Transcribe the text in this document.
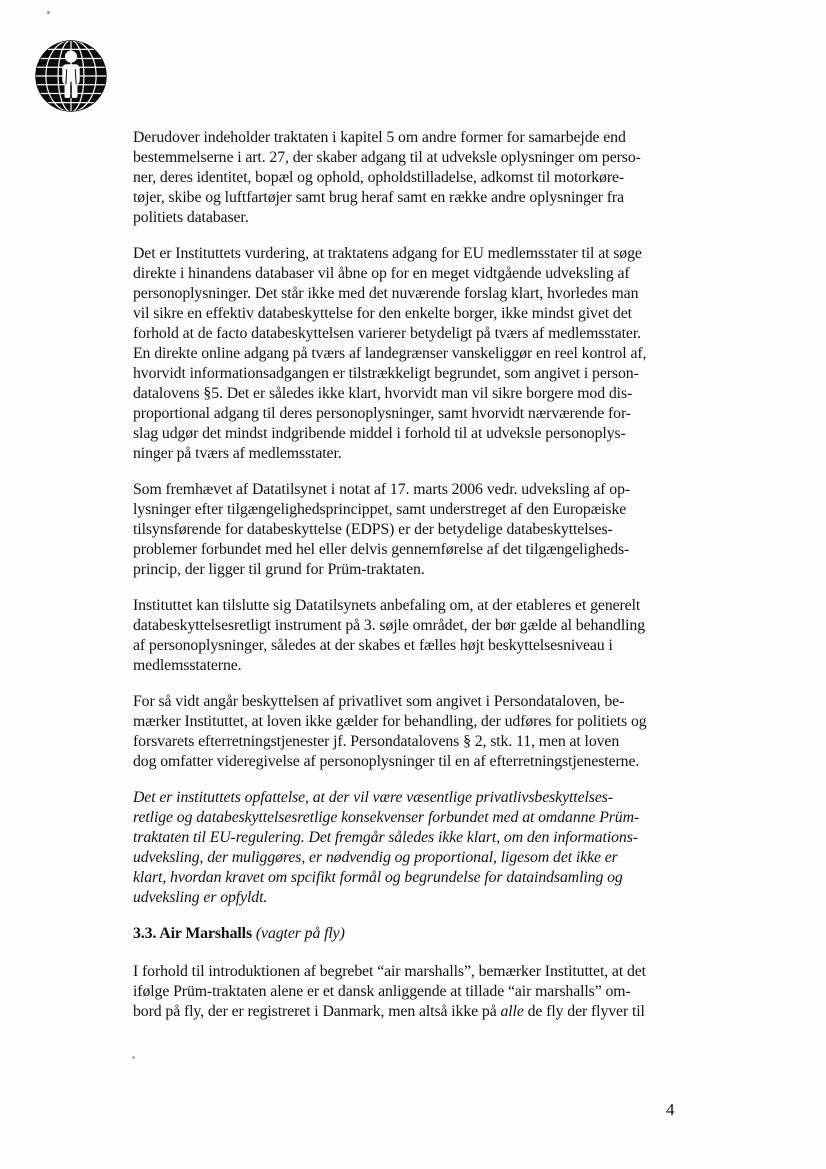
Derudover indeholder traktaten i kapitel 5 om andre former for samarbejde end
bestemmelserne i art. 27, der skaber adgang til at udveksle oplysninger om perso-
ner, deres identitet, bopæl og ophold, opholdstilladelse, adkomst til motorkøre-
tøjer, skibe og luftfartøjer samt brug heraf samt en række andre oplysninger fra
politiets databaser.
Det er Instituttets vurdering, at traktatens adgang for EU medlemsstater til at søge
direkte i hinandens databaser vil åbne op for en meget vidtgående udveksling af
personoplysninger. Det står ikke med det nuværende forslag klart, hvorledes man
vil sikre en effektiv databeskyttelse for den enkelte borger, ikke mindst givet det
forhold at de facto databeskyttelsen varierer betydeligt på tværs af medlemsstater.
En direkte online adgang på tværs af landegrænser vanskeliggør en reel kontrol af,
hvorvidt informationsadgangen er tilstrækkeligt begrundet, som angivet i person-
datalovens §5. Det er således ikke klart, hvorvidt man vil sikre borgere mod dis-
proportional adgang til deres personoplysninger, samt hvorvidt nærværende for-
slag udgør det mindst indgribende middel i forhold til at udveksle personoplys-
ninger på tværs af medlemsstater.
Som fremhævet af Datatilsynet i notat af 17. marts 2006 vedr. udveksling af op-
lysninger efter tilgængelighedsprincippet, samt understreget af den Europæiske
tilsynsførende for databeskyttelse (EDPS) er der betydelige databeskyttelses-
problemer forbundet med hel eller delvis gennemførelse af det tilgængeligheds-
princip, der ligger til grund for Prüm-traktaten.
Instituttet kan tilslutte sig Datatilsynets anbefaling om, at der etableres et generelt
databeskyttelsesretligt instrument på 3. søjle området, der bør gælde al behandling
af personoplysninger, således at der skabes et fælles højt beskyttelsesniveau i
medlemsstaterne.
For så vidt angår beskyttelsen af privatlivet som angivet i Persondataloven, be-
mærker Instituttet, at loven ikke gælder for behandling, der udføres for politiets og
forsvarets efterretningstjenester jf. Persondatalovens § 2, stk. 11, men at loven
dog omfatter videregivelse af personoplysninger til en af efterretningstjenesterne.
Det er instituttets opfattelse, at der vil være væsentlige privatlivsbeskyttelses-
retlige og databeskyttelsesretlige konsekvenser forbundet med at omdanne Prüm-
traktaten til EU-regulering. Det fremgår således ikke klart, om den informations-
udveksling, der muliggøres, er nødvendig og proportional, ligesom det ikke er
klart, hvordan kravet om spcifikt formål og begrundelse for dataindsamling og
udveksling er opfyldt.
3.3. Air Marshalls (vagter på fly)
I forhold til introduktionen af begrebet “air marshalls”, bemærker Instituttet, at det
ifølge Prüm-traktaten alene er et dansk anliggende at tillade “air marshalls” om-
bord på fly, der er registreret i Danmark, men altså ikke på alle de fly der flyver til
4
